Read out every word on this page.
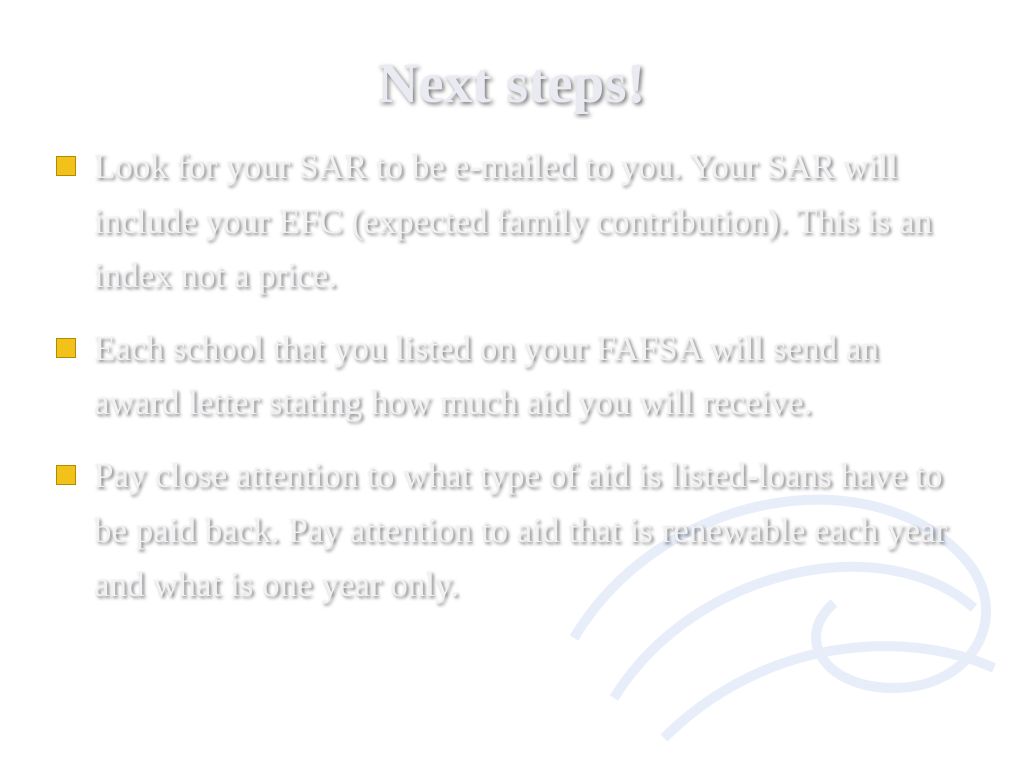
Next steps!
Look for your SAR to be e-mailed to you. Your SAR will include your EFC (expected family contribution). This is an index not a price.
Each school that you listed on your FAFSA will send an award letter stating how much aid you will receive.
Pay close attention to what type of aid is listed-loans have to be paid back. Pay attention to aid that is renewable each year and what is one year only.
